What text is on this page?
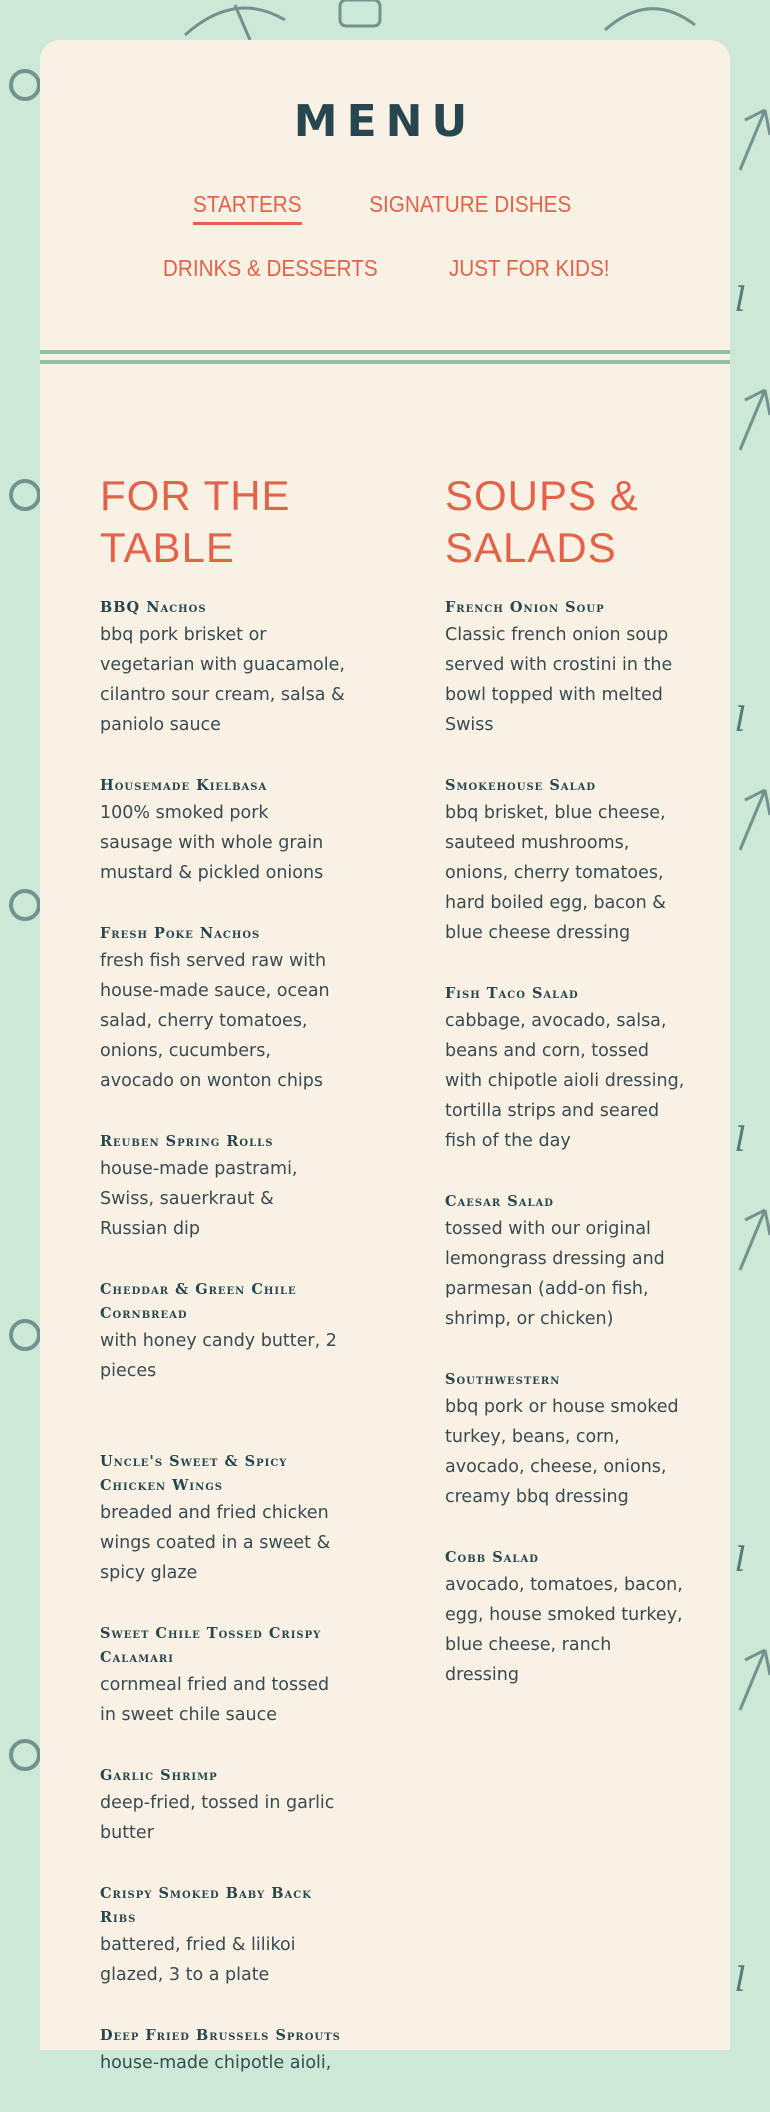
l
l
l
l
l
MENU
STARTERS	SIGNATURE DISHES
DRINKS & DESSERTS	JUST FOR KIDS!
FOR THE TABLE
BBQ Nachos
bbq pork brisket or vegetarian with guacamole, cilantro sour cream, salsa & paniolo sauce
Housemade Kielbasa
100% smoked pork sausage with whole grain mustard & pickled onions
Fresh Poke Nachos
fresh fish served raw with house-made sauce, ocean salad, cherry tomatoes, onions, cucumbers, avocado on wonton chips
Reuben Spring Rolls
house-made pastrami, Swiss, sauerkraut & Russian dip
Cheddar & Green Chile Cornbread
with honey candy butter, 2 pieces
Uncle's Sweet & Spicy Chicken Wings
breaded and fried chicken wings coated in a sweet & spicy glaze
Sweet Chile Tossed Crispy Calamari
cornmeal fried and tossed in sweet chile sauce
Garlic Shrimp
deep-fried, tossed in garlic butter
Crispy Smoked Baby Back Ribs
battered, fried & lilikoi glazed, 3 to a plate
Deep Fried Brussels Sprouts
house-made chipotle aioli,
SOUPS & SALADS
French Onion Soup
Classic french onion soup served with crostini in the bowl topped with melted Swiss
Smokehouse Salad
bbq brisket, blue cheese, sauteed mushrooms, onions, cherry tomatoes, hard boiled egg, bacon & blue cheese dressing
Fish Taco Salad
cabbage, avocado, salsa, beans and corn, tossed with chipotle aioli dressing, tortilla strips and seared fish of the day
Caesar Salad
tossed with our original lemongrass dressing and parmesan (add-on fish, shrimp, or chicken)
Southwestern
bbq pork or house smoked turkey, beans, corn, avocado, cheese, onions, creamy bbq dressing
Cobb Salad
avocado, tomatoes, bacon, egg, house smoked turkey, blue cheese, ranch dressing
